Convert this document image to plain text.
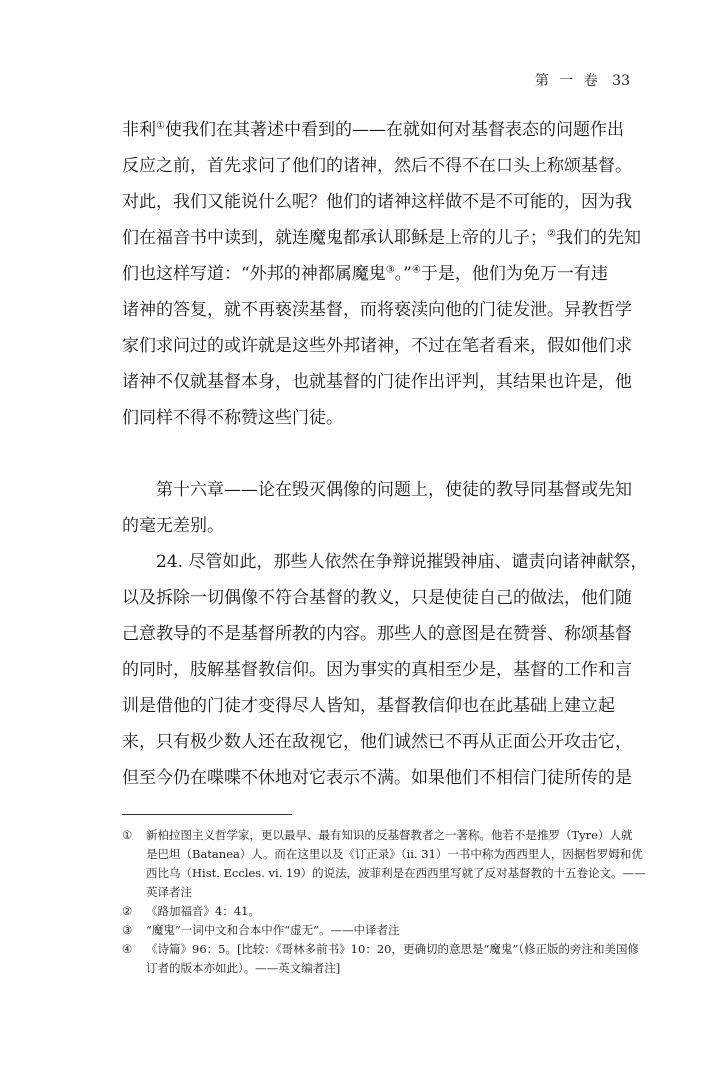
第 一 卷 33
非利①使我们在其著述中看到的——在就如何对基督表态的问题作出
反应之前，首先求问了他们的诸神，然后不得不在口头上称颂基督。
对此，我们又能说什么呢？他们的诸神这样做不是不可能的，因为我
们在福音书中读到，就连魔鬼都承认耶稣是上帝的儿子；②我们的先知
们也这样写道：“外邦的神都属魔鬼③。”④于是，他们为免万一有违
诸神的答复，就不再亵渎基督，而将亵渎向他的门徒发泄。异教哲学
家们求问过的或许就是这些外邦诸神，不过在笔者看来，假如他们求
诸神不仅就基督本身，也就基督的门徒作出评判，其结果也许是，他
们同样不得不称赞这些门徒。
第十六章——论在毁灭偶像的问题上，使徒的教导同基督或先知
的毫无差别。
24. 尽管如此，那些人依然在争辩说摧毁神庙、谴责向诸神献祭，
以及拆除一切偶像不符合基督的教义，只是使徒自己的做法，他们随
己意教导的不是基督所教的内容。那些人的意图是在赞誉、称颂基督
的同时，肢解基督教信仰。因为事实的真相至少是，基督的工作和言
训是借他的门徒才变得尽人皆知，基督教信仰也在此基础上建立起
来，只有极少数人还在敌视它，他们诚然已不再从正面公开攻击它，
但至今仍在喋喋不休地对它表示不满。如果他们不相信门徒所传的是
①	新柏拉图主义哲学家，更以最早、最有知识的反基督教者之一著称。他若不是推罗（Tyre）人就
是巴坦（Batanea）人。而在这里以及《订正录》（ii. 31）一书中称为西西里人，因据哲罗姆和优
西比乌（Hist. Eccles. vi. 19）的说法，波菲利是在西西里写就了反对基督教的十五卷论文。——
英译者注
②	《路加福音》4：41。
③	“魔鬼”一词中文和合本中作“虚无”。——中译者注
④	《诗篇》96：5。[比较：《哥林多前书》10：20，更确切的意思是“魔鬼”（修正版的旁注和美国修
订者的版本亦如此）。——英文编者注]
